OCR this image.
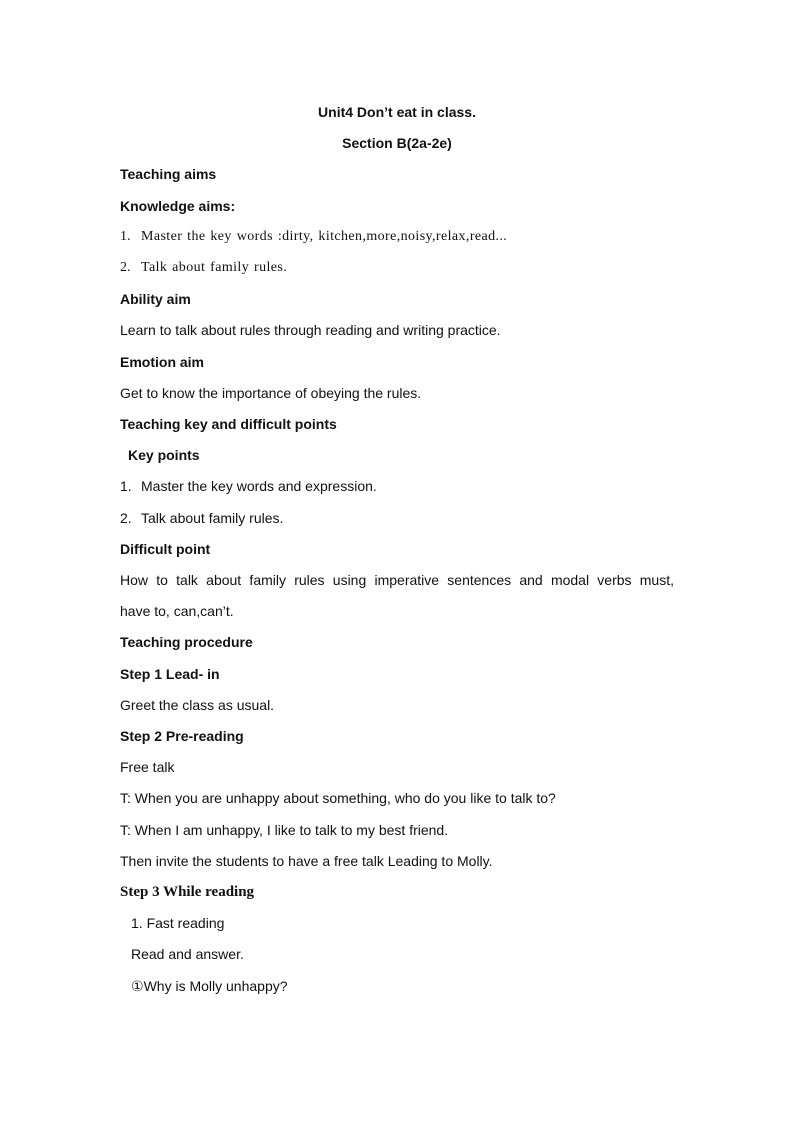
Unit4 Don’t eat in class.
Section B(2a-2e)
Teaching aims
Knowledge aims:
1. Master the key words :dirty, kitchen,more,noisy,relax,read...
2. Talk about family rules.
Ability aim
Learn to talk about rules through reading and writing practice.
Emotion aim
Get to know the importance of obeying the rules.
Teaching key and difficult points
Key points
1. Master the key words and expression.
2. Talk about family rules.
Difficult point
How to talk about family rules using imperative sentences and modal verbs must,
have to, can,can’t.
Teaching procedure
Step 1 Lead- in
Greet the class as usual.
Step 2 Pre-reading
Free talk
T: When you are unhappy about something, who do you like to talk to?
T: When I am unhappy, I like to talk to my best friend.
Then invite the students to have a free talk Leading to Molly.
Step 3 While reading
1. Fast reading
Read and answer.
①Why is Molly unhappy?
